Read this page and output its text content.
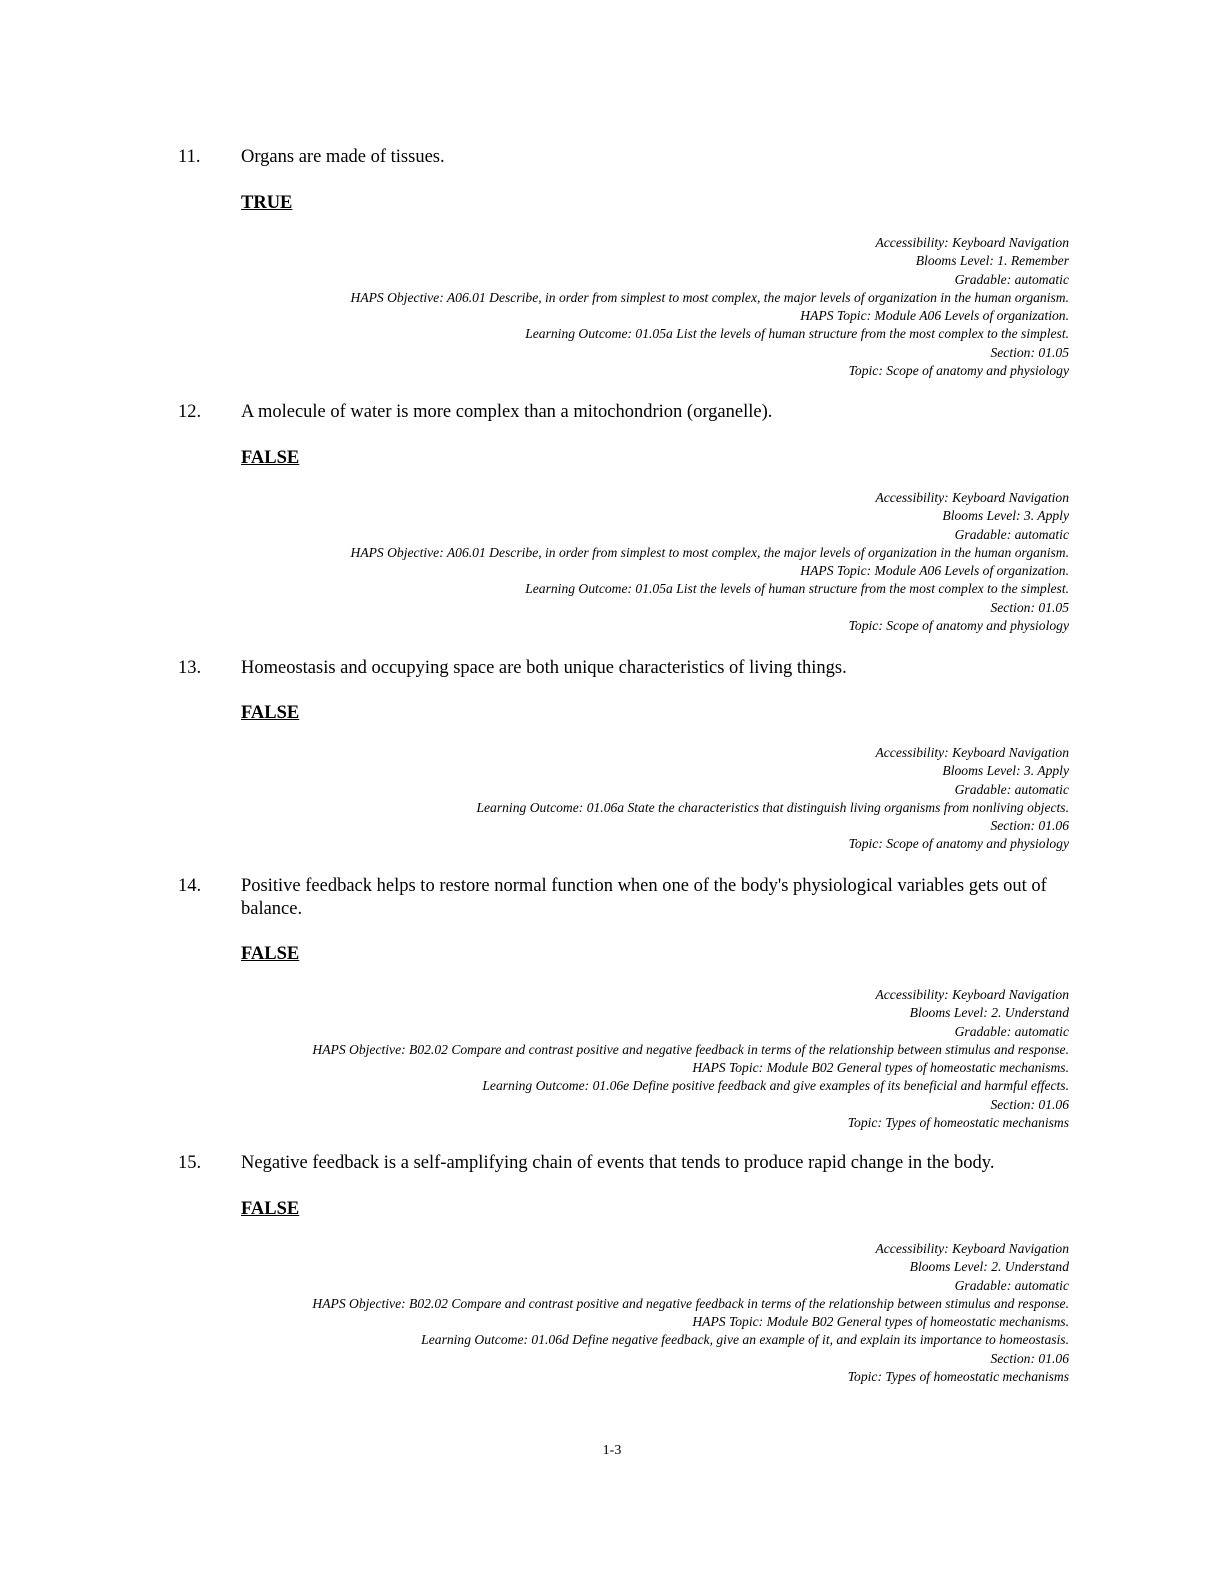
11. Organs are made of tissues.
TRUE
Accessibility: Keyboard Navigation
Blooms Level: 1. Remember
Gradable: automatic
HAPS Objective: A06.01 Describe, in order from simplest to most complex, the major levels of organization in the human organism.
HAPS Topic: Module A06 Levels of organization.
Learning Outcome: 01.05a List the levels of human structure from the most complex to the simplest.
Section: 01.05
Topic: Scope of anatomy and physiology
12. A molecule of water is more complex than a mitochondrion (organelle).
FALSE
Accessibility: Keyboard Navigation
Blooms Level: 3. Apply
Gradable: automatic
HAPS Objective: A06.01 Describe, in order from simplest to most complex, the major levels of organization in the human organism.
HAPS Topic: Module A06 Levels of organization.
Learning Outcome: 01.05a List the levels of human structure from the most complex to the simplest.
Section: 01.05
Topic: Scope of anatomy and physiology
13. Homeostasis and occupying space are both unique characteristics of living things.
FALSE
Accessibility: Keyboard Navigation
Blooms Level: 3. Apply
Gradable: automatic
Learning Outcome: 01.06a State the characteristics that distinguish living organisms from nonliving objects.
Section: 01.06
Topic: Scope of anatomy and physiology
14. Positive feedback helps to restore normal function when one of the body's physiological variables gets out of balance.
FALSE
Accessibility: Keyboard Navigation
Blooms Level: 2. Understand
Gradable: automatic
HAPS Objective: B02.02 Compare and contrast positive and negative feedback in terms of the relationship between stimulus and response.
HAPS Topic: Module B02 General types of homeostatic mechanisms.
Learning Outcome: 01.06e Define positive feedback and give examples of its beneficial and harmful effects.
Section: 01.06
Topic: Types of homeostatic mechanisms
15. Negative feedback is a self-amplifying chain of events that tends to produce rapid change in the body.
FALSE
Accessibility: Keyboard Navigation
Blooms Level: 2. Understand
Gradable: automatic
HAPS Objective: B02.02 Compare and contrast positive and negative feedback in terms of the relationship between stimulus and response.
HAPS Topic: Module B02 General types of homeostatic mechanisms.
Learning Outcome: 01.06d Define negative feedback, give an example of it, and explain its importance to homeostasis.
Section: 01.06
Topic: Types of homeostatic mechanisms
1-3
